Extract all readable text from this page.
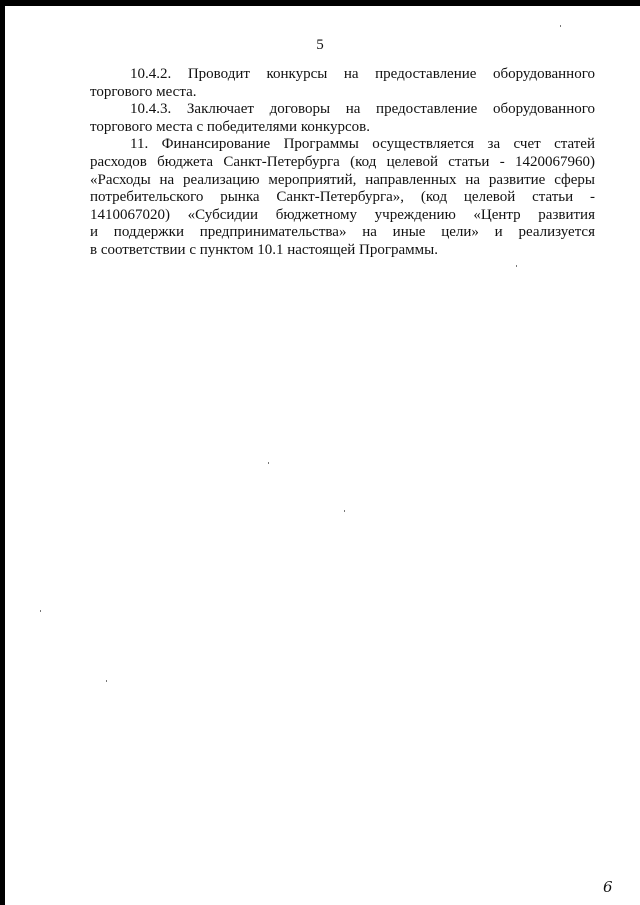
5
10.4.2. Проводит конкурсы на предоставление оборудованного
торгового места.
10.4.3. Заключает договоры на предоставление оборудованного
торгового места с победителями конкурсов.
11. Финансирование Программы осуществляется за счет статей
расходов бюджета Санкт-Петербурга (код целевой статьи - 1420067960)
«Расходы на реализацию мероприятий, направленных на развитие сферы
потребительского рынка Санкт-Петербурга», (код целевой статьи -
1410067020) «Субсидии бюджетному учреждению «Центр развития
и поддержки предпринимательства» на иные цели» и реализуется
в соответствии с пунктом 10.1 настоящей Программы.
6
